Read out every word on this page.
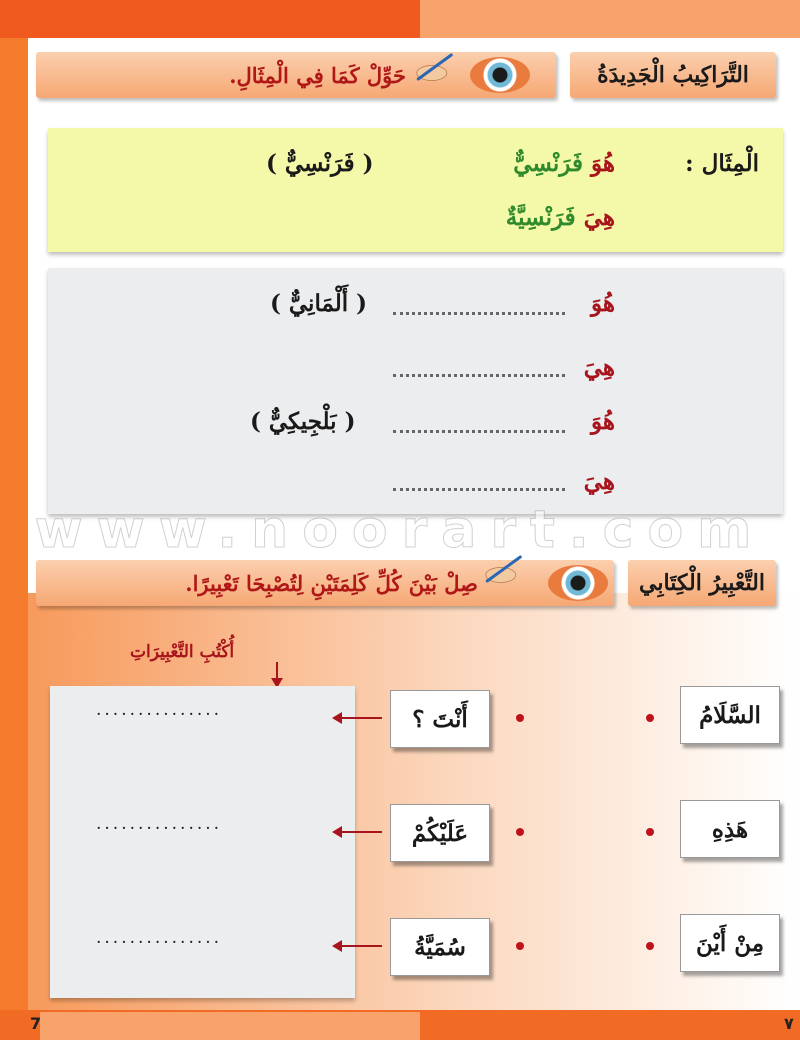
التَّرَاكِيبُ الْجَدِيدَةُ
حَوِّلْ كَمَا فِي الْمِثَالِ.
الْمِثَال :
هُوَ فَرَنْسِيٌّ
( فَرَنْسِيٌّ )
هِيَ فَرَنْسِيَّةٌ
هُوَ
( أَلْمَانِيٌّ )
هِيَ
هُوَ
( بَلْجِيكِيٌّ )
هِيَ
www.noorart.com
التَّعْبِيرُ الْكِتَابِي
صِلْ بَيْنَ كُلِّ كَلِمَتَيْنِ لِتُصْبِحَا تَعْبِيرًا.
أُكْتُبِ التَّعْبِيرَاتِ
...............
...............
...............
أَنْتَ ؟
عَلَيْكُمْ
سُمَيَّةُ
السَّلَامُ
هَذِهِ
مِنْ أَيْنَ
7	٧
